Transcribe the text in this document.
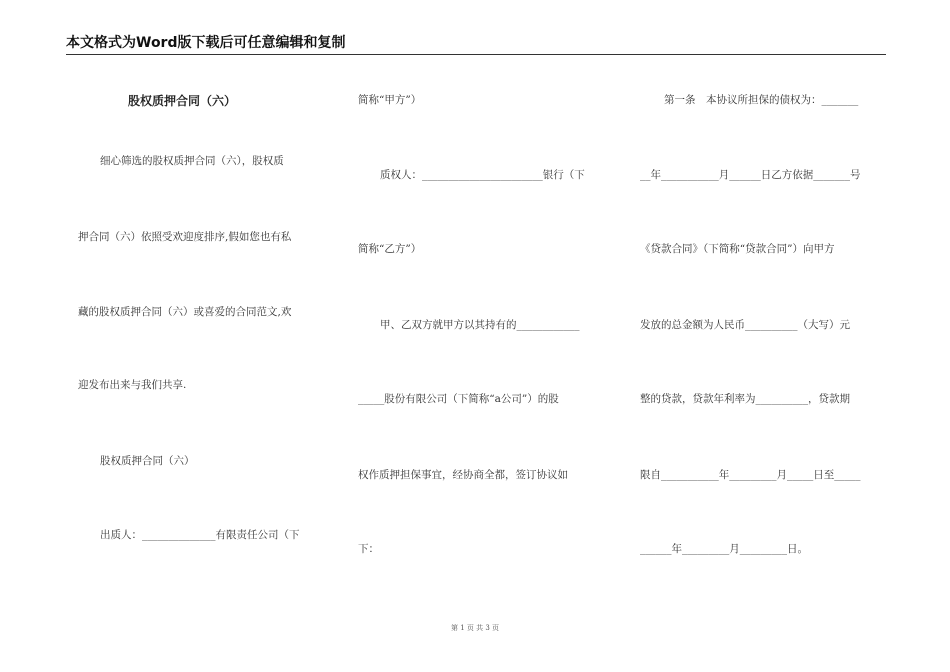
本文格式为Word版下载后可任意编辑和复制
股权质押合同（六）
细心筛选的股权质押合同（六），股权质
押合同（六）依照受欢迎度排序,假如您也有私
藏的股权质押合同（六）或喜爱的合同范文,欢
迎发布出来与我们共享.
股权质押合同（六）
出质人：______________有限责任公司（下
简称“甲方”）
质权人：_______________________银行（下
简称“乙方”）
甲、乙双方就甲方以其持有的____________
_____股份有限公司（下简称“a公司”）的股
权作质押担保事宜，经协商全都，签订协议如
下：
第一条　本协议所担保的债权为：_______
__年___________月______日乙方依据_______号
《贷款合同》（下简称“贷款合同”）向甲方
发放的总金额为人民币__________（大写）元
整的贷款，贷款年利率为__________，贷款期
限自___________年_________月_____日至_____
______年_________月_________日。
第 1 页 共 3 页
